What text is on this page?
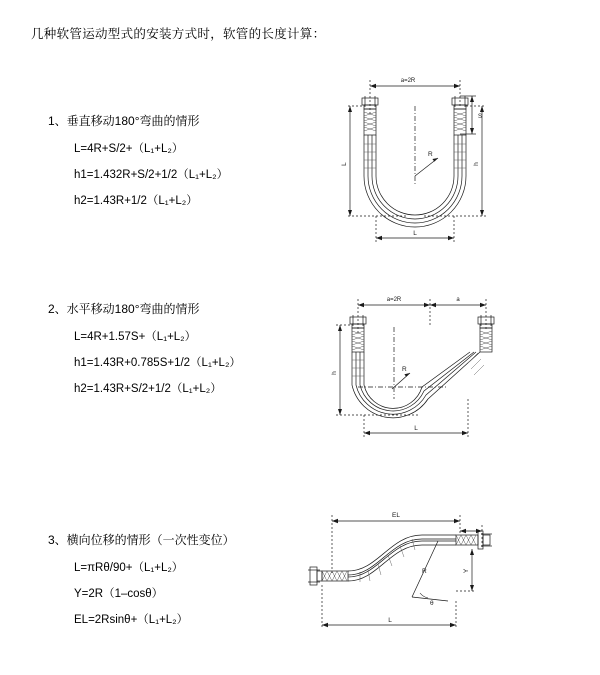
几种软管运动型式的安装方式时，软管的长度计算：
1、垂直移动180°弯曲的情形
L=4R+S/2+（L₁+L₂）
h1=1.432R+S/2+1/2（L₁+L₂）
h2=1.43R+1/2（L₁+L₂）
a=2R
S
R
L	h
L
2、水平移动180°弯曲的情形
L=4R+1.57S+（L₁+L₂）
h1=1.43R+0.785S+1/2（L₁+L₂）
h2=1.43R+S/2+1/2（L₁+L₂）
a=2R	a
R
h
L
3、横向位移的情形（一次性变位）
L=πRθ/90+（L₁+L₂）
Y=2R（1–cosθ）
EL=2Rsinθ+（L₁+L₂）
EL
Y
θ
R
L
